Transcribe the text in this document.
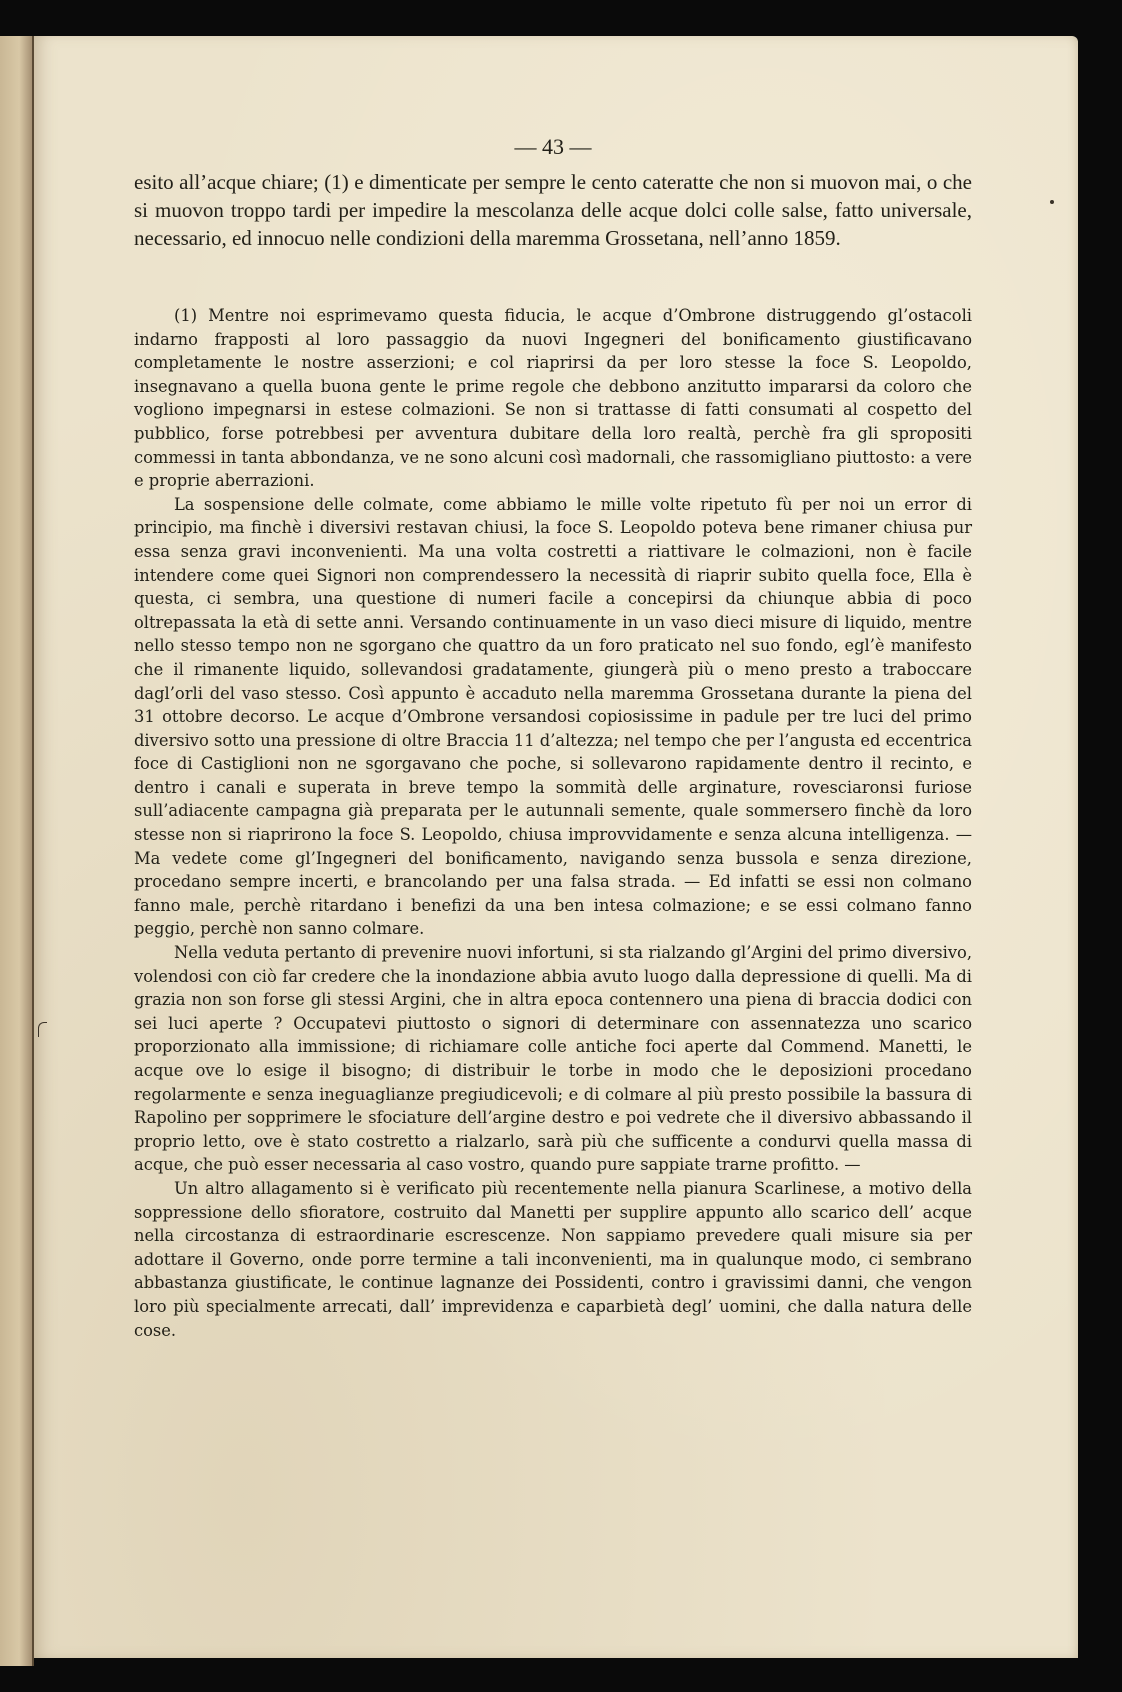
— 43 —

esito all’acque chiare; (1) e dimenticate per sempre le cento cateratte che non si muovon mai, o che si muovon troppo tardi per impedire la mescolanza delle acque dolci colle salse, fatto universale, necessario, ed innocuo nelle condizioni della maremma Grossetana, nell’anno 1859.

(1) Mentre noi esprimevamo questa fiducia, le acque d’Ombrone distruggendo gl’ostacoli indarno frapposti al loro passaggio da nuovi Ingegneri del bonificamento giustificavano completamente le nostre asserzioni; e col riaprirsi da per loro stesse la foce S. Leopoldo, insegnavano a quella buona gente le prime regole che debbono anzitutto impararsi da coloro che vogliono impegnarsi in estese colmazioni. Se non si trattasse di fatti consumati al cospetto del pubblico, forse potrebbesi per avventura dubitare della loro realtà, perchè fra gli spropositi commessi in tanta abbondanza, ve ne sono alcuni così madornali, che rassomigliano piuttosto: a vere e proprie aberrazioni.

La sospensione delle colmate, come abbiamo le mille volte ripetuto fù per noi un error di principio, ma finchè i diversivi restavan chiusi, la foce S. Leopoldo poteva bene rimaner chiusa pur essa senza gravi inconvenienti. Ma una volta costretti a riattivare le colmazioni, non è facile intendere come quei Signori non comprendessero la necessità di riaprir subito quella foce, Ella è questa, ci sembra, una questione di numeri facile a concepirsi da chiunque abbia di poco oltrepassata la età di sette anni. Versando continuamente in un vaso dieci misure di liquido, mentre nello stesso tempo non ne sgorgano che quattro da un foro praticato nel suo fondo, egl’è manifesto che il rimanente liquido, sollevandosi gradatamente, giungerà più o meno presto a traboccare dagl’orli del vaso stesso. Così appunto è accaduto nella maremma Grossetana durante la piena del 31 ottobre decorso. Le acque d’Ombrone versandosi copiosissime in padule per tre luci del primo diversivo sotto una pressione di oltre Braccia 11 d’altezza; nel tempo che per l’angusta ed eccentrica foce di Castiglioni non ne sgorgavano che poche, si sollevarono rapidamente dentro il recinto, e dentro i canali e superata in breve tempo la sommità delle arginature, rovesciaronsi furiose sull’adiacente campagna già preparata per le autunnali semente, quale sommersero finchè da loro stesse non si riaprirono la foce S. Leopoldo, chiusa improvvidamente e senza alcuna intelligenza. — Ma vedete come gl’Ingegneri del bonificamento, navigando senza bussola e senza direzione, procedano sempre incerti, e brancolando per una falsa strada. — Ed infatti se essi non colmano fanno male, perchè ritardano i benefizi da una ben intesa colmazione; e se essi colmano fanno peggio, perchè non sanno colmare.

Nella veduta pertanto di prevenire nuovi infortuni, si sta rialzando gl’Argini del primo diversivo, volendosi con ciò far credere che la inondazione abbia avuto luogo dalla depressione di quelli. Ma di grazia non son forse gli stessi Argini, che in altra epoca contennero una piena di braccia dodici con sei luci aperte ? Occupatevi piuttosto o signori di determinare con assennatezza uno scarico proporzionato alla immissione; di richiamare colle antiche foci aperte dal Commend. Manetti, le acque ove lo esige il bisogno; di distribuir le torbe in modo che le deposizioni procedano regolarmente e senza ineguaglianze pregiudicevoli; e di colmare al più presto possibile la bassura di Rapolino per sopprimere le sfociature dell’argine destro e poi vedrete che il diversivo abbassando il proprio letto, ove è stato costretto a rialzarlo, sarà più che sufficente a condurvi quella massa di acque, che può esser necessaria al caso vostro, quando pure sappiate trarne profitto. —

Un altro allagamento si è verificato più recentemente nella pianura Scarlinese, a motivo della soppressione dello sfioratore, costruito dal Manetti per supplire appunto allo scarico dell’ acque nella circostanza di estraordinarie escrescenze. Non sappiamo prevedere quali misure sia per adottare il Governo, onde porre termine a tali inconvenienti, ma in qualunque modo, ci sembrano abbastanza giustificate, le continue lagnanze dei Possidenti, contro i gravissimi danni, che vengon loro più specialmente arrecati, dall’ imprevidenza e caparbietà degl’ uomini, che dalla natura delle cose.
